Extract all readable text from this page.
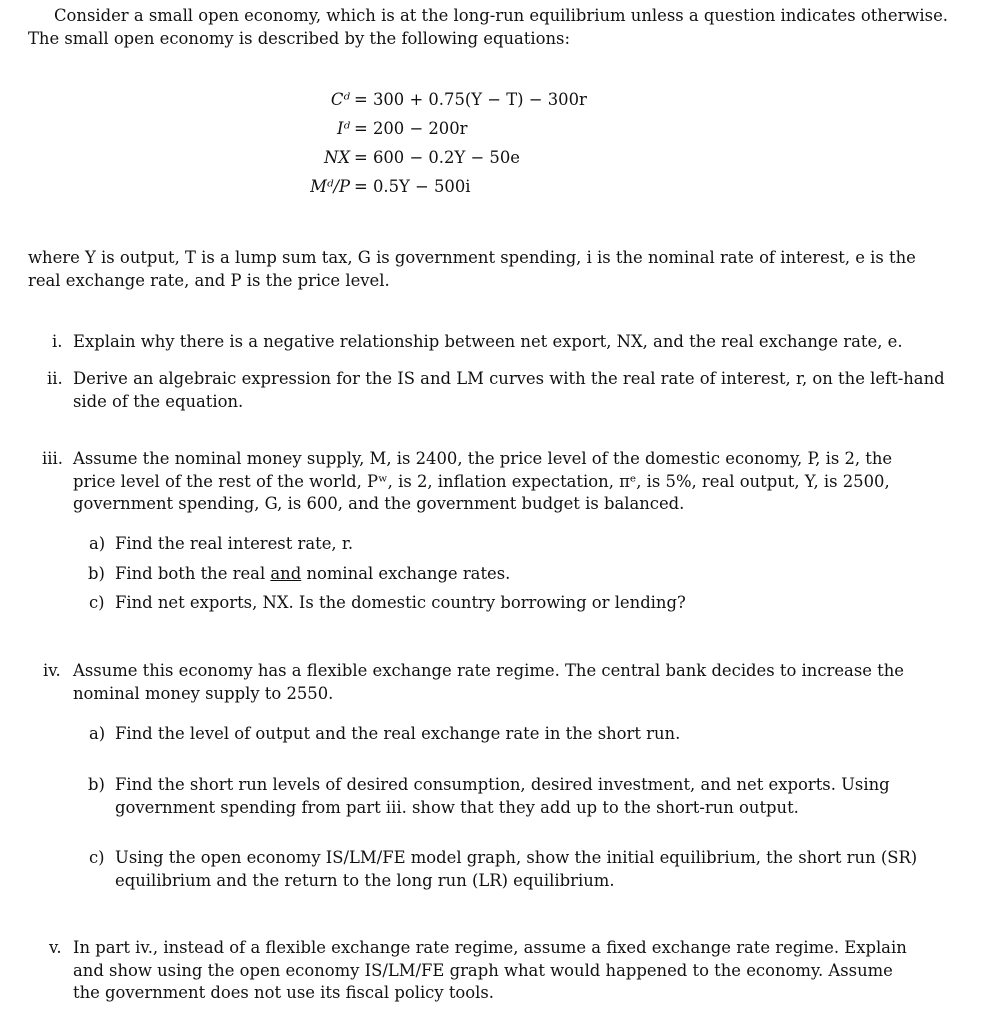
Consider a small open economy, which is at the long-run equilibrium unless a question indicates otherwise.
The small open economy is described by the following equations:
Cᵈ = 300 + 0.75(Y − T) − 300r
Iᵈ = 200 − 200r
NX = 600 − 0.2Y − 50e
Mᵈ/P = 0.5Y − 500i
where Y is output, T is a lump sum tax, G is government spending, i is the nominal rate of interest, e is the
real exchange rate, and P is the price level.
i. Explain why there is a negative relationship between net export, NX, and the real exchange rate, e.
ii. Derive an algebraic expression for the IS and LM curves with the real rate of interest, r, on the left-hand
side of the equation.
iii. Assume the nominal money supply, M, is 2400, the price level of the domestic economy, P, is 2, the
price level of the rest of the world, Pʷ, is 2, inflation expectation, πᵉ, is 5%, real output, Y, is 2500,
government spending, G, is 600, and the government budget is balanced.
a) Find the real interest rate, r.
b) Find both the real and nominal exchange rates.
c) Find net exports, NX. Is the domestic country borrowing or lending?
iv. Assume this economy has a flexible exchange rate regime. The central bank decides to increase the
nominal money supply to 2550.
a) Find the level of output and the real exchange rate in the short run.
b) Find the short run levels of desired consumption, desired investment, and net exports. Using
government spending from part iii. show that they add up to the short-run output.
c) Using the open economy IS/LM/FE model graph, show the initial equilibrium, the short run (SR)
equilibrium and the return to the long run (LR) equilibrium.
v. In part iv., instead of a flexible exchange rate regime, assume a fixed exchange rate regime. Explain
and show using the open economy IS/LM/FE graph what would happened to the economy. Assume
the government does not use its fiscal policy tools.
